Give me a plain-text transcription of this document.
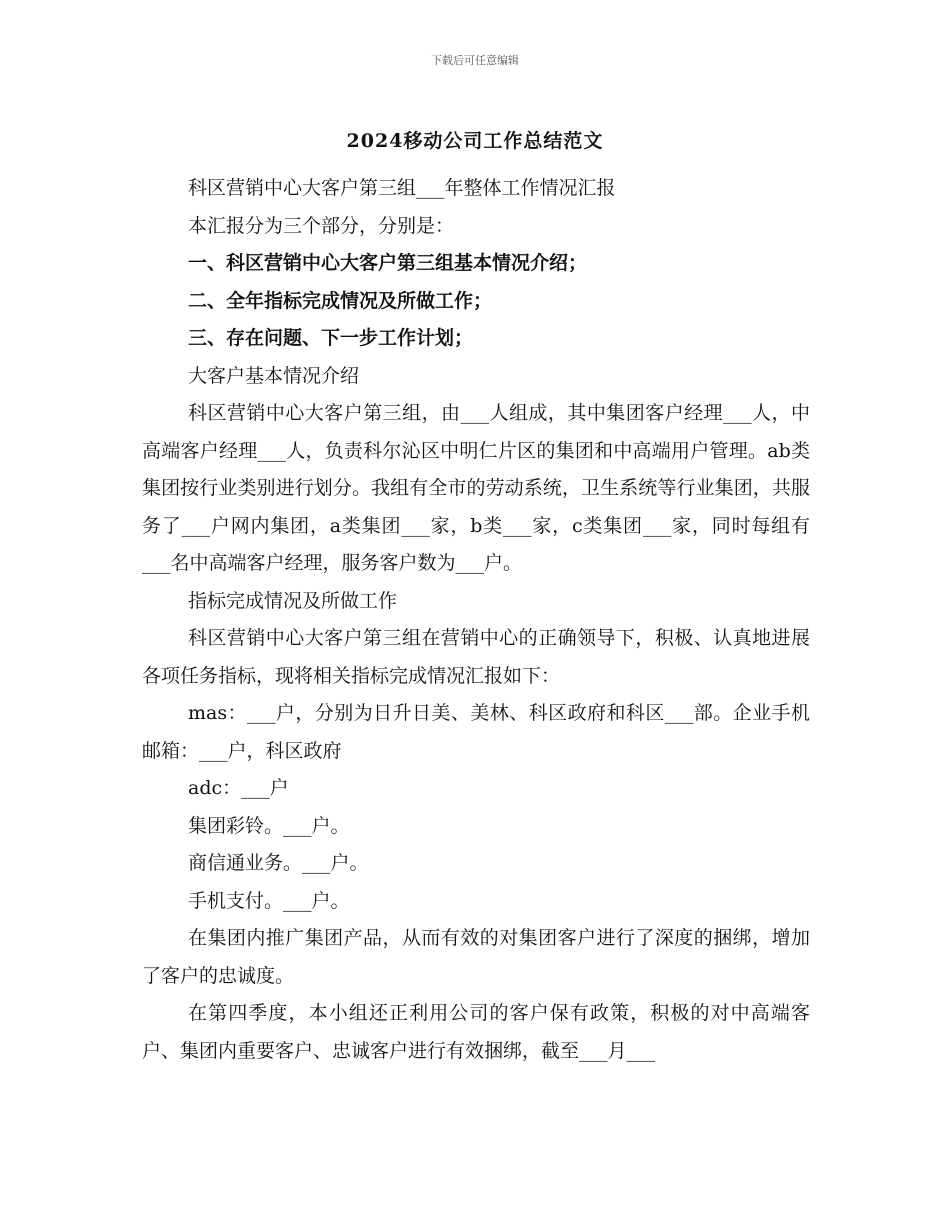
下载后可任意编辑
2024移动公司工作总结范文

科区营销中心大客户第三组___年整体工作情况汇报

本汇报分为三个部分，分别是：

一、科区营销中心大客户第三组基本情况介绍；

二、全年指标完成情况及所做工作；

三、存在问题、下一步工作计划；

大客户基本情况介绍

科区营销中心大客户第三组，由___人组成，其中集团客户经理___人，中高端客户经理___人，负责科尔沁区中明仁片区的集团和中高端用户管理。ab类集团按行业类别进行划分。我组有全市的劳动系统，卫生系统等行业集团，共服务了___户网内集团，a类集团___家，b类___家，c类集团___家，同时每组有___名中高端客户经理，服务客户数为___户。

指标完成情况及所做工作

科区营销中心大客户第三组在营销中心的正确领导下，积极、认真地进展各项任务指标，现将相关指标完成情况汇报如下：

mas：___户，分别为日升日美、美林、科区政府和科区___部。企业手机邮箱：___户，科区政府

adc：___户

集团彩铃。___户。

商信通业务。___户。

手机支付。___户。

在集团内推广集团产品，从而有效的对集团客户进行了深度的捆绑，增加了客户的忠诚度。

在第四季度，本小组还正利用公司的客户保有政策，积极的对中高端客户、集团内重要客户、忠诚客户进行有效捆绑，截至___月___
